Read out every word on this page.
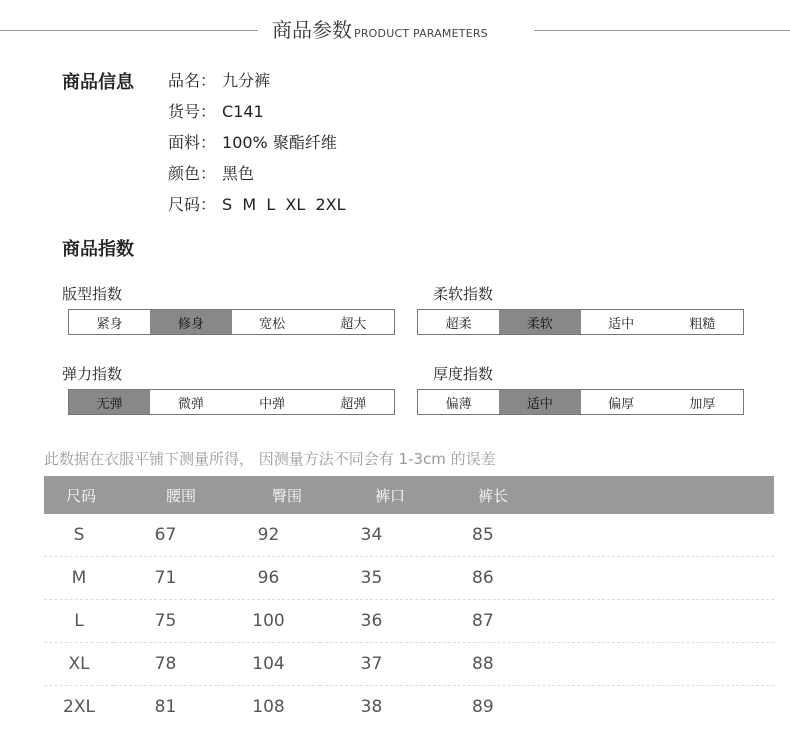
商品参数 PRODUCT PARAMETERS
商品信息 品名： 九分裤
货号： C141
面料： 100% 聚酯纤维
颜色： 黑色
尺码： S  M  L  XL  2XL
商品指数
版型指数
紧身	修身	宽松	超大
柔软指数
超柔	柔软	适中	粗糙
弹力指数
无弹	微弹	中弹	超弹
厚度指数
偏薄	适中	偏厚	加厚
此数据在衣服平铺下测量所得， 因测量方法不同会有 1-3cm 的误差
尺码	腰围	臀围	裤口	裤长
S	67	92	34	85
M	71	96	35	86
L	75	100	36	87
XL	78	104	37	88
2XL	81	108	38	89
